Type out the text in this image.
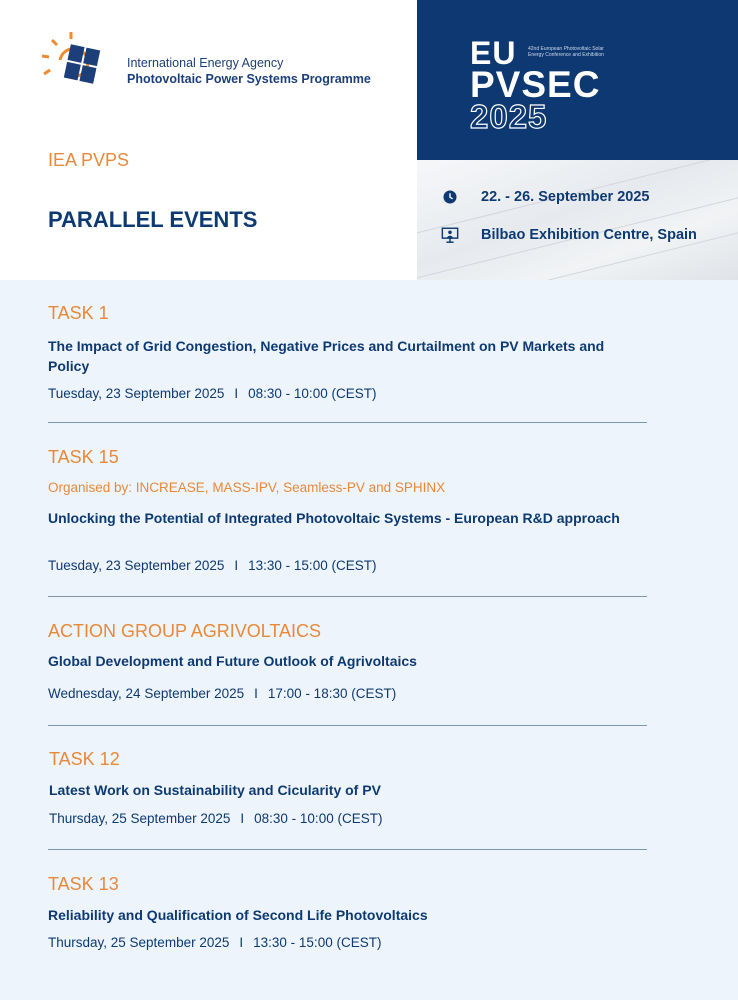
International Energy Agency
Photovoltaic Power Systems Programme
IEA PVPS
PARALLEL EVENTS
EU 42nd European Photovoltaic Solar Energy Conference and Exhibition
PVSEC
2025
22. - 26. September 2025
Bilbao Exhibition Centre, Spain
TASK 1
The Impact of Grid Congestion, Negative Prices and Curtailment on PV Markets and Policy
Tuesday, 23 September 2025 I 08:30 - 10:00 (CEST)
TASK 15
Organised by: INCREASE, MASS-IPV, Seamless-PV and SPHINX
Unlocking the Potential of Integrated Photovoltaic Systems - European R&D approach
Tuesday, 23 September 2025 I 13:30 - 15:00 (CEST)
ACTION GROUP AGRIVOLTAICS
Global Development and Future Outlook of Agrivoltaics
Wednesday, 24 September 2025 I 17:00 - 18:30 (CEST)
TASK 12
Latest Work on Sustainability and Cicularity of PV
Thursday, 25 September 2025 I 08:30 - 10:00 (CEST)
TASK 13
Reliability and Qualification of Second Life Photovoltaics
Thursday, 25 September 2025 I 13:30 - 15:00 (CEST)
